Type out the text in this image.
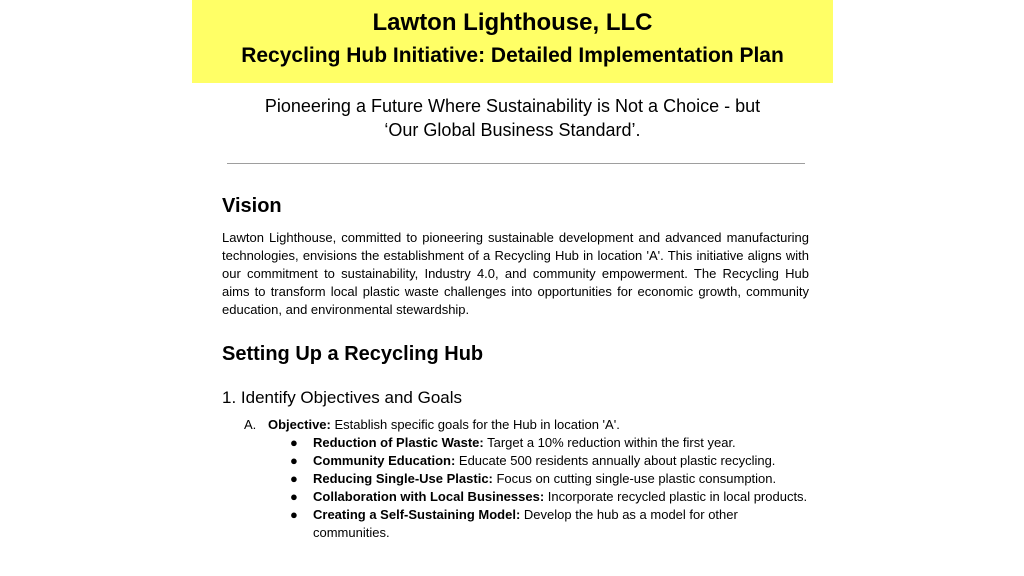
Lawton Lighthouse, LLC
Recycling Hub Initiative: Detailed Implementation Plan
Pioneering a Future Where Sustainability is Not a Choice - but
‘Our Global Business Standard’.
Vision
Lawton Lighthouse, committed to pioneering sustainable development and advanced manufacturing technologies, envisions the establishment of a Recycling Hub in location 'A'. This initiative aligns with our commitment to sustainability, Industry 4.0, and community empowerment. The Recycling Hub aims to transform local plastic waste challenges into opportunities for economic growth, community education, and environmental stewardship.
Setting Up a Recycling Hub
1. Identify Objectives and Goals
A. Objective: Establish specific goals for the Hub in location 'A'.
●	Reduction of Plastic Waste: Target a 10% reduction within the first year.
●	Community Education: Educate 500 residents annually about plastic recycling.
●	Reducing Single-Use Plastic: Focus on cutting single-use plastic consumption.
●	Collaboration with Local Businesses: Incorporate recycled plastic in local products.
●	Creating a Self-Sustaining Model: Develop the hub as a model for other communities.
